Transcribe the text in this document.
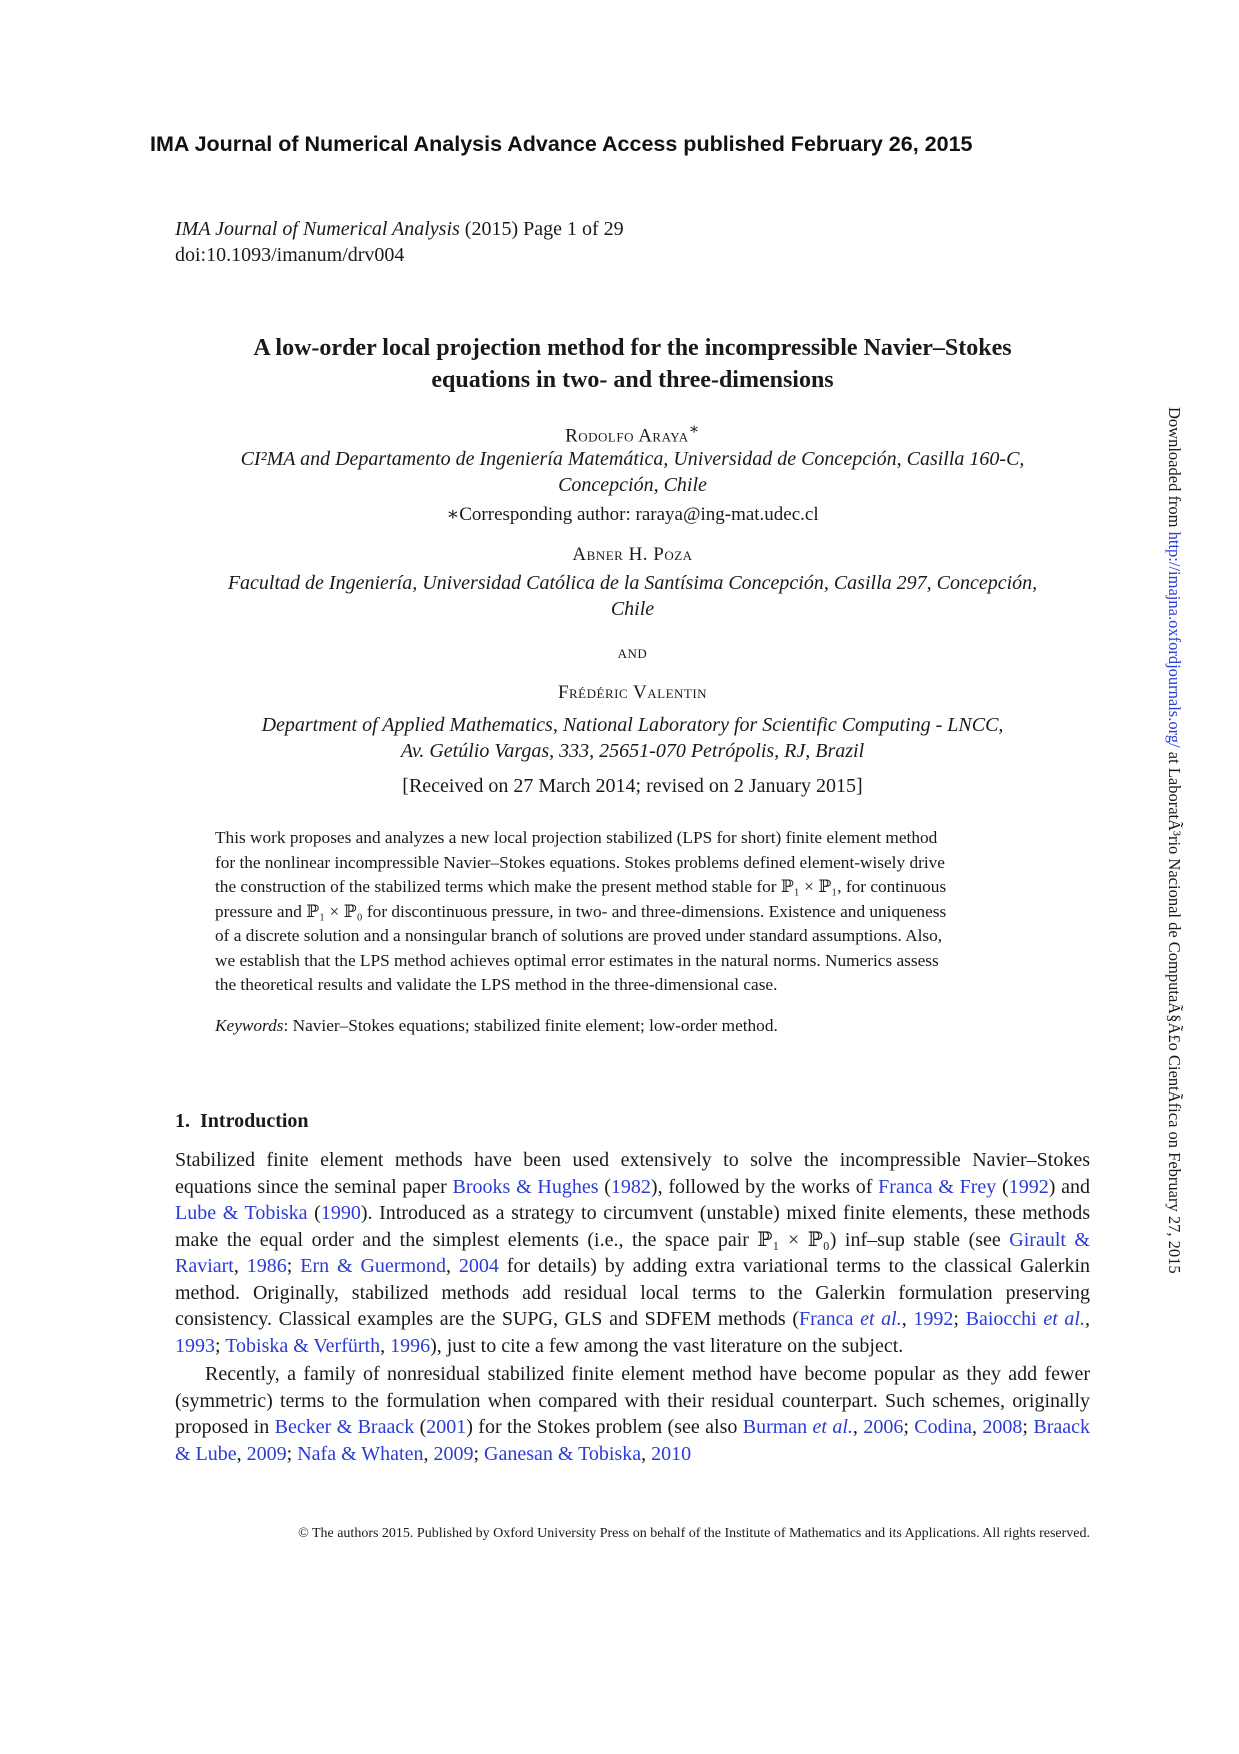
IMA Journal of Numerical Analysis Advance Access published February 26, 2015
IMA Journal of Numerical Analysis (2015) Page 1 of 29
doi:10.1093/imanum/drv004
A low-order local projection method for the incompressible Navier–Stokes
equations in two- and three-dimensions
Rodolfo Araya∗
CI²MA and Departamento de Ingeniería Matemática, Universidad de Concepción, Casilla 160-C,
Concepción, Chile
∗Corresponding author: raraya@ing-mat.udec.cl
Abner H. Poza
Facultad de Ingeniería, Universidad Católica de la Santísima Concepción, Casilla 297, Concepción,
Chile
and
Frédéric Valentin
Department of Applied Mathematics, National Laboratory for Scientific Computing - LNCC,
Av. Getúlio Vargas, 333, 25651-070 Petrópolis, RJ, Brazil
[Received on 27 March 2014; revised on 2 January 2015]
This work proposes and analyzes a new local projection stabilized (LPS for short) finite element method
for the nonlinear incompressible Navier–Stokes equations. Stokes problems defined element-wisely drive
the construction of the stabilized terms which make the present method stable for ℙ₁ × ℙ₁, for continuous
pressure and ℙ₁ × ℙ₀ for discontinuous pressure, in two- and three-dimensions. Existence and uniqueness
of a discrete solution and a nonsingular branch of solutions are proved under standard assumptions. Also,
we establish that the LPS method achieves optimal error estimates in the natural norms. Numerics assess
the theoretical results and validate the LPS method in the three-dimensional case.
Keywords: Navier–Stokes equations; stabilized finite element; low-order method.
1. Introduction

Stabilized finite element methods have been used extensively to solve the incompressible Navier–Stokes equations since the seminal paper Brooks & Hughes (1982), followed by the works of Franca & Frey (1992) and Lube & Tobiska (1990). Introduced as a strategy to circumvent (unstable) mixed finite elements, these methods make the equal order and the simplest elements (i.e., the space pair ℙ₁ × ℙ₀) inf–sup stable (see Girault & Raviart, 1986; Ern & Guermond, 2004 for details) by adding extra variational terms to the classical Galerkin method. Originally, stabilized methods add residual local terms to the Galerkin formulation preserving consistency. Classical examples are the SUPG, GLS and SDFEM methods (Franca et al., 1992; Baiocchi et al., 1993; Tobiska & Verfürth, 1996), just to cite a few among the vast literature on the subject.

Recently, a family of nonresidual stabilized finite element method have become popular as they add fewer (symmetric) terms to the formulation when compared with their residual counterpart. Such schemes, originally proposed in Becker & Braack (2001) for the Stokes problem (see also Burman et al., 2006; Codina, 2008; Braack & Lube, 2009; Nafa & Whaten, 2009; Ganesan & Tobiska, 2010

© The authors 2015. Published by Oxford University Press on behalf of the Institute of Mathematics and its Applications. All rights reserved.
Downloaded from http://imajna.oxfordjournals.org/ at LaboratÃ³rio Nacional de ComputaÃ§Ã£o CientÃfica on February 27, 2015
